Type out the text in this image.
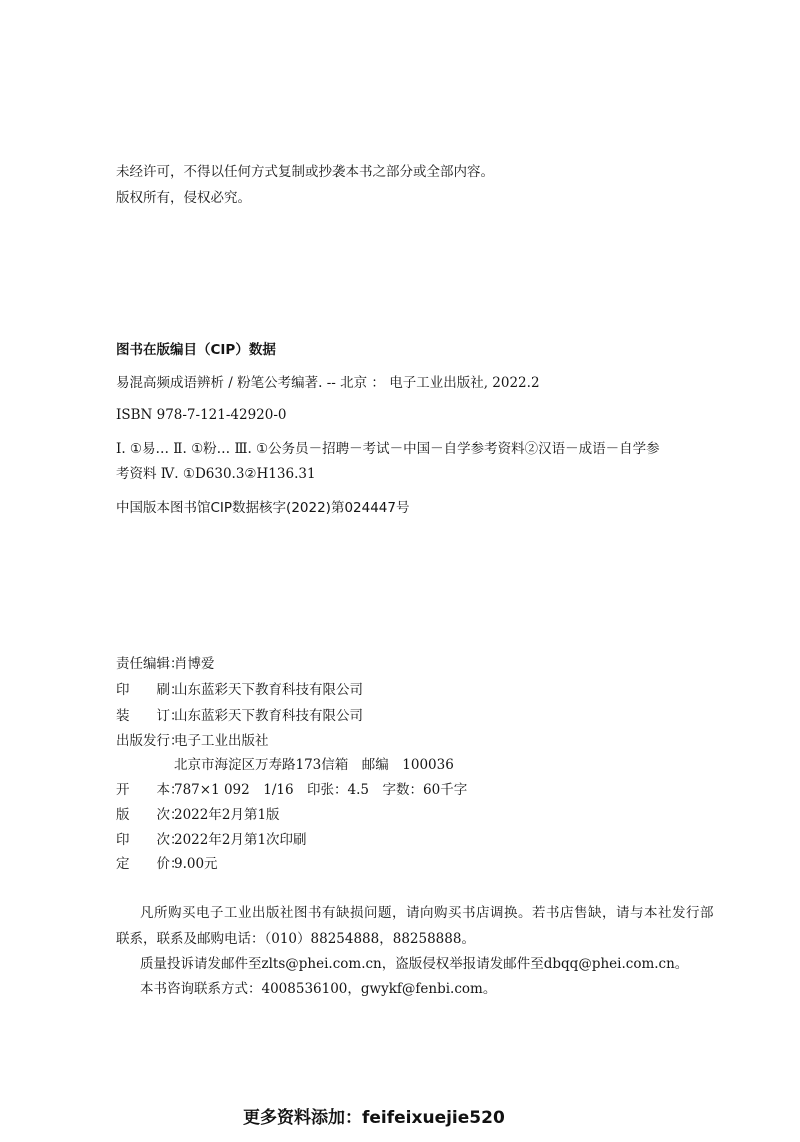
未经许可，不得以任何方式复制或抄袭本书之部分或全部内容。
版权所有，侵权必究。
图书在版编目（CIP）数据
易混高频成语辨析 / 粉笔公考编著. -- 北京 ： 电子工业出版社, 2022.2
ISBN 978-7-121-42920-0
Ⅰ. ①易… Ⅱ. ①粉… Ⅲ. ①公务员－招聘－考试－中国－自学参考资料②汉语－成语－自学参
考资料 Ⅳ. ①D630.3②H136.31
中国版本图书馆CIP数据核字(2022)第024447号
责任编辑：
肖博爱
印　　刷：
山东蓝彩天下教育科技有限公司
装　　订：
山东蓝彩天下教育科技有限公司
出版发行：
电子工业出版社
北京市海淀区万寿路173信箱　邮编　100036
开　　本：
787×1 092　1/16　印张：4.5　字数：60千字
版　　次：
2022年2月第1版
印　　次：
2022年2月第1次印刷
定　　价：
9.00元
凡所购买电子工业出版社图书有缺损问题，请向购买书店调换。若书店售缺，请与本社发行部
联系，联系及邮购电话：（010）88254888，88258888。
质量投诉请发邮件至zlts@phei.com.cn，盗版侵权举报请发邮件至dbqq@phei.com.cn。
本书咨询联系方式：4008536100，gwykf@fenbi.com。
更多资料添加：feifeixuejie520
